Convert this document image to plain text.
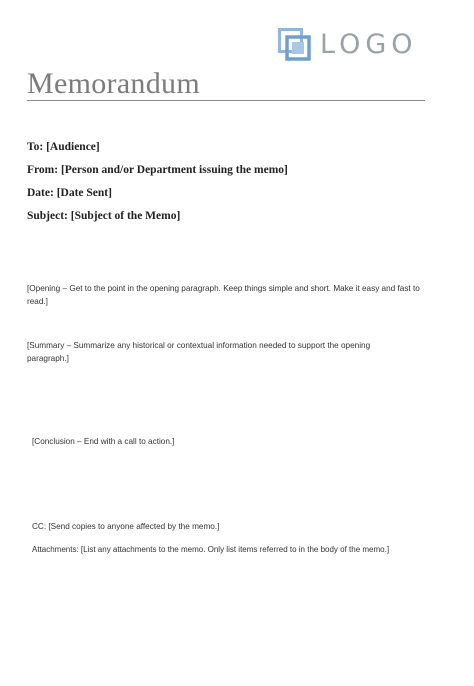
LOGO
Memorandum
To: [Audience]
From: [Person and/or Department issuing the memo]
Date: [Date Sent]
Subject: [Subject of the Memo]
[Opening – Get to the point in the opening paragraph. Keep things simple and short. Make it easy and fast to read.]
[Summary – Summarize any historical or contextual information needed to support the opening paragraph.]
[Conclusion – End with a call to action.]
CC: [Send copies to anyone affected by the memo.]
Attachments: [List any attachments to the memo. Only list items referred to in the body of the memo.]
